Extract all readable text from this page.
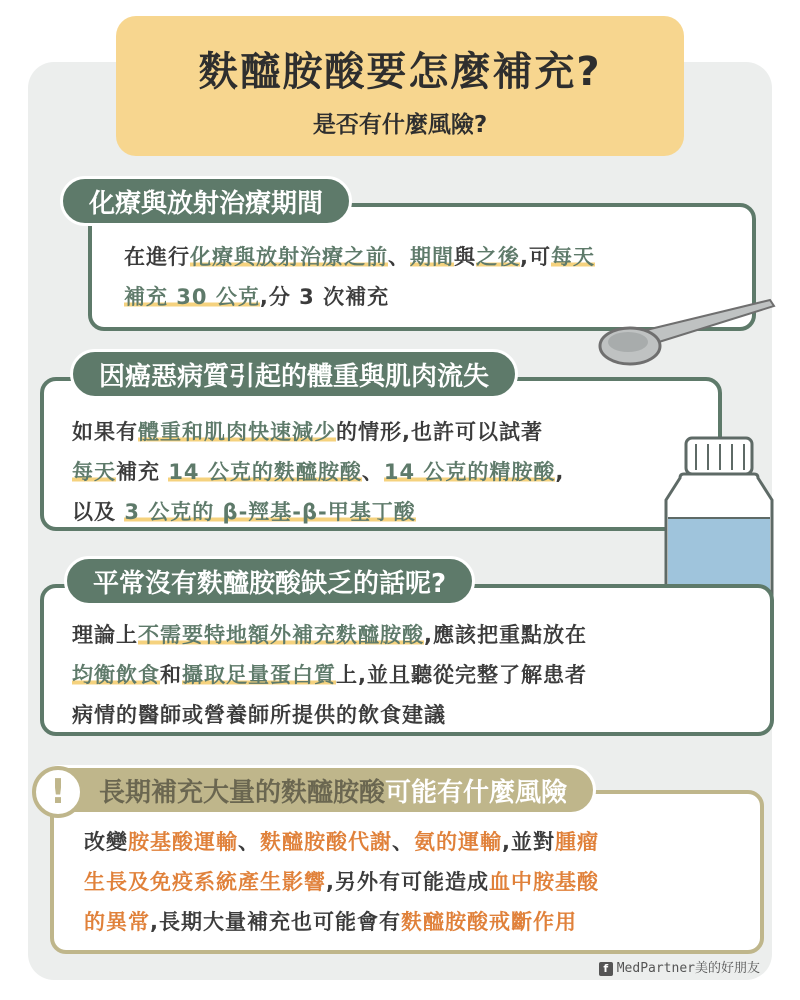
麩醯胺酸要怎麼補充?
是否有什麼風險?
化療與放射治療期間
在進行化療與放射治療之前、期間與之後,可每天
補充 30 公克,分 3 次補充
因癌惡病質引起的體重與肌肉流失
如果有體重和肌肉快速減少的情形,也許可以試著
每天補充 14 公克的麩醯胺酸、14 公克的精胺酸,
以及 3 公克的 β-羥基-β-甲基丁酸
平常沒有麩醯胺酸缺乏的話呢?
理論上不需要特地額外補充麩醯胺酸,應該把重點放在
均衡飲食和攝取足量蛋白質上,並且聽從完整了解患者
病情的醫師或營養師所提供的飲食建議
長期補充大量的麩醯胺酸可能有什麼風險
!
改變胺基酸運輸、麩醯胺酸代謝、氨的運輸,並對腫瘤
生長及免疫系統產生影響,另外有可能造成血中胺基酸
的異常,長期大量補充也可能會有麩醯胺酸戒斷作用
f MedPartner美的好朋友
